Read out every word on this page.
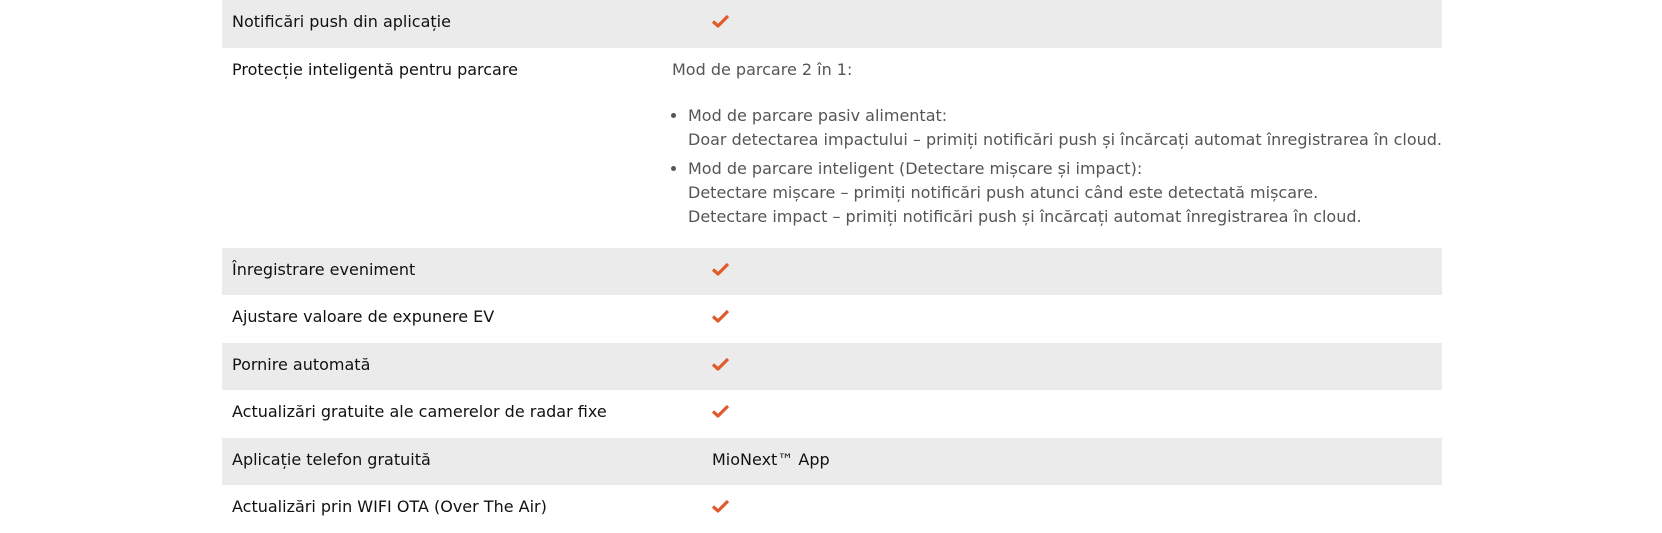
Notificări push din aplicație
Protecție inteligentă pentru parcare	Mod de parcare 2 în 1:
• Mod de parcare pasiv alimentat:
Doar detectarea impactului – primiți notificări push și încărcați automat înregistrarea în cloud.
• Mod de parcare inteligent (Detectare mișcare și impact):
Detectare mișcare – primiți notificări push atunci când este detectată mișcare.
Detectare impact – primiți notificări push și încărcați automat înregistrarea în cloud.
Înregistrare eveniment
Ajustare valoare de expunere EV
Pornire automată
Actualizări gratuite ale camerelor de radar fixe
Aplicație telefon gratuită	MioNext™ App
Actualizări prin WIFI OTA (Over The Air)
